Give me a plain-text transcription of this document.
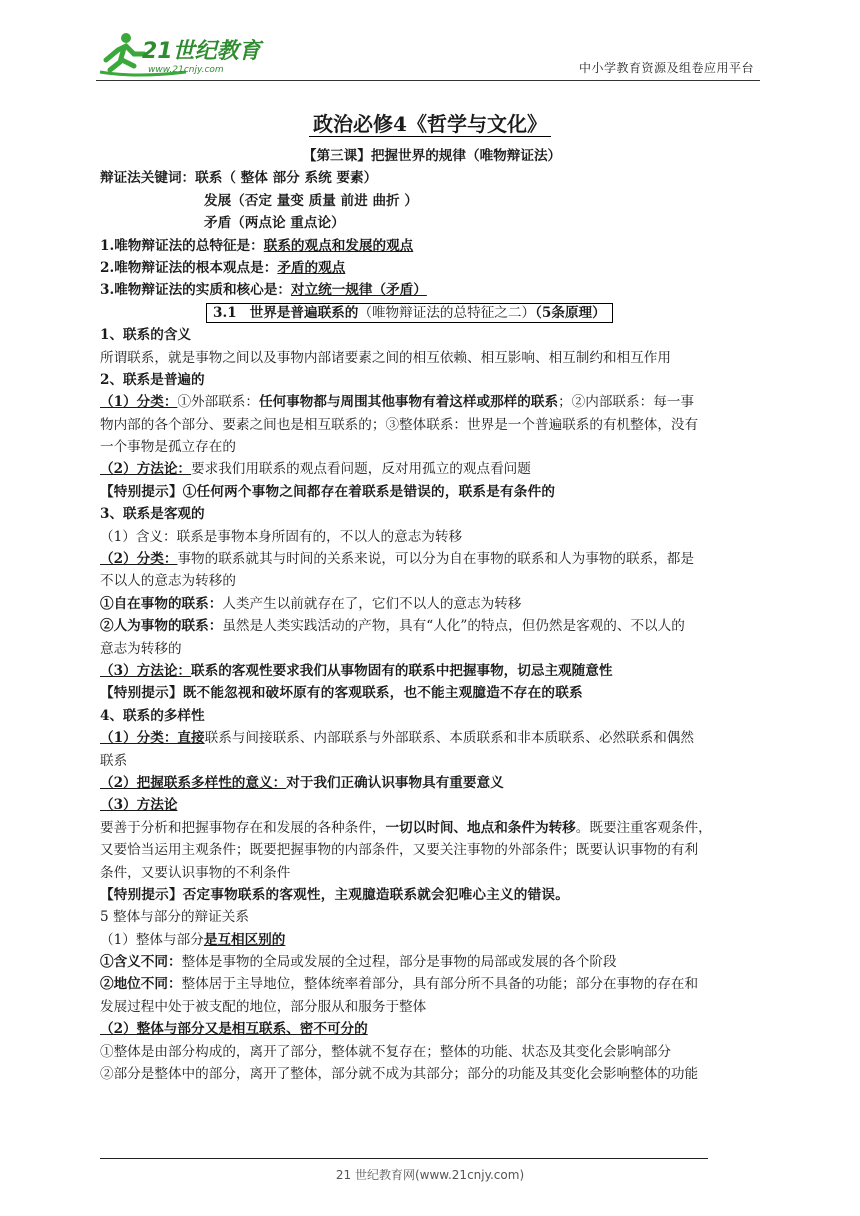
21世纪教育
www.21cnjy.com	中小学教育资源及组卷应用平台
政治必修4《哲学与文化》
【第三课】把握世界的规律（唯物辩证法）
辩证法关键词：联系（ 整体 部分 系统 要素）
发展（否定 量变 质量 前进 曲折 ）
矛盾（两点论 重点论）
1.唯物辩证法的总特征是：联系的观点和发展的观点
2.唯物辩证法的根本观点是：矛盾的观点
3.唯物辩证法的实质和核心是：对立统一规律（矛盾）
3.1 世界是普遍联系的（唯物辩证法的总特征之二）（5条原理）
1、联系的含义
所谓联系，就是事物之间以及事物内部诸要素之间的相互依赖、相互影响、相互制约和相互作用
2、联系是普遍的
（1）分类：①外部联系：任何事物都与周围其他事物有着这样或那样的联系；②内部联系：每一事
物内部的各个部分、要素之间也是相互联系的；③整体联系：世界是一个普遍联系的有机整体，没有
一个事物是孤立存在的
（2）方法论：要求我们用联系的观点看问题，反对用孤立的观点看问题
【特别提示】①任何两个事物之间都存在着联系是错误的，联系是有条件的
3、联系是客观的
（1）含义：联系是事物本身所固有的，不以人的意志为转移
（2）分类：事物的联系就其与时间的关系来说，可以分为自在事物的联系和人为事物的联系，都是
不以人的意志为转移的
①自在事物的联系：人类产生以前就存在了，它们不以人的意志为转移
②人为事物的联系：虽然是人类实践活动的产物，具有“人化”的特点，但仍然是客观的、不以人的
意志为转移的
（3）方法论：联系的客观性要求我们从事物固有的联系中把握事物，切忌主观随意性
【特别提示】既不能忽视和破坏原有的客观联系，也不能主观臆造不存在的联系
4、联系的多样性
（1）分类：直接联系与间接联系、内部联系与外部联系、本质联系和非本质联系、必然联系和偶然
联系
（2）把握联系多样性的意义：对于我们正确认识事物具有重要意义
（3）方法论
要善于分析和把握事物存在和发展的各种条件，一切以时间、地点和条件为转移。既要注重客观条件，
又要恰当运用主观条件；既要把握事物的内部条件，又要关注事物的外部条件；既要认识事物的有利
条件，又要认识事物的不利条件
【特别提示】否定事物联系的客观性，主观臆造联系就会犯唯心主义的错误。
5 整体与部分的辩证关系
（1）整体与部分是互相区别的
①含义不同：整体是事物的全局或发展的全过程，部分是事物的局部或发展的各个阶段
②地位不同：整体居于主导地位，整体统率着部分，具有部分所不具备的功能；部分在事物的存在和
发展过程中处于被支配的地位，部分服从和服务于整体
（2）整体与部分又是相互联系、密不可分的
①整体是由部分构成的，离开了部分，整体就不复存在；整体的功能、状态及其变化会影响部分
②部分是整体中的部分，离开了整体，部分就不成为其部分；部分的功能及其变化会影响整体的功能
21 世纪教育网(www.21cnjy.com)
